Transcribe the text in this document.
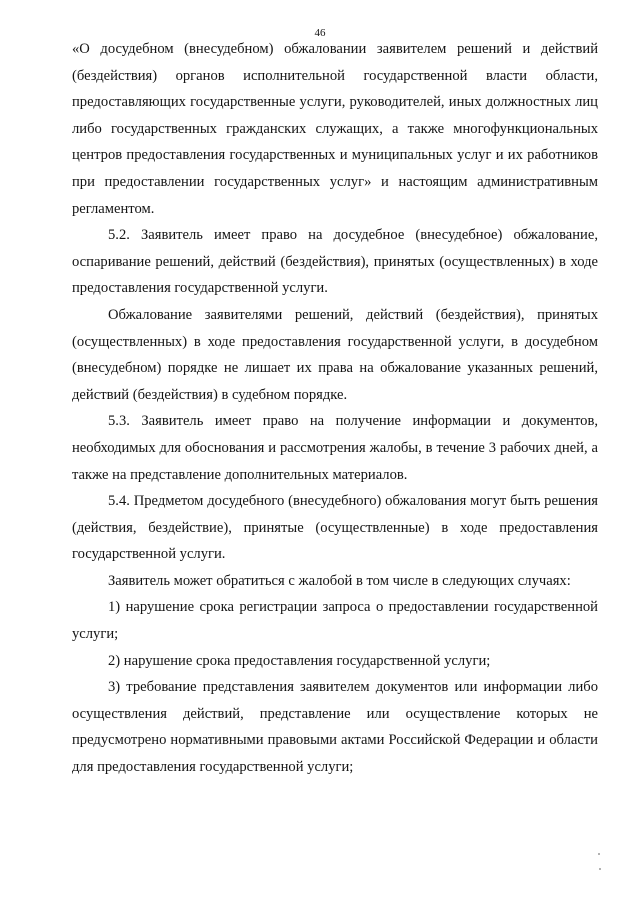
46

«О досудебном (внесудебном) обжаловании заявителем решений и действий (бездействия) органов исполнительной государственной власти области, предоставляющих государственные услуги, руководителей, иных должностных лиц либо государственных гражданских служащих, а также многофункциональных центров предоставления государственных и муниципальных услуг и их работников при предоставлении государственных услуг» и настоящим административным регламентом.

5.2. Заявитель имеет право на досудебное (внесудебное) обжалование, оспаривание решений, действий (бездействия), принятых (осуществленных) в ходе предоставления государственной услуги.

Обжалование заявителями решений, действий (бездействия), принятых (осуществленных) в ходе предоставления государственной услуги, в досудебном (внесудебном) порядке не лишает их права на обжалование указанных решений, действий (бездействия) в судебном порядке.

5.3. Заявитель имеет право на получение информации и документов, необходимых для обоснования и рассмотрения жалобы, в течение 3 рабочих дней, а также на представление дополнительных материалов.

5.4. Предметом досудебного (внесудебного) обжалования могут быть решения (действия, бездействие), принятые (осуществленные) в ходе предоставления государственной услуги.

Заявитель может обратиться с жалобой в том числе в следующих случаях:

1) нарушение срока регистрации запроса о предоставлении государственной услуги;

2) нарушение срока предоставления государственной услуги;

3) требование представления заявителем документов или информации либо осуществления действий, представление или осуществление которых не предусмотрено нормативными правовыми актами Российской Федерации и области для предоставления государственной услуги;
